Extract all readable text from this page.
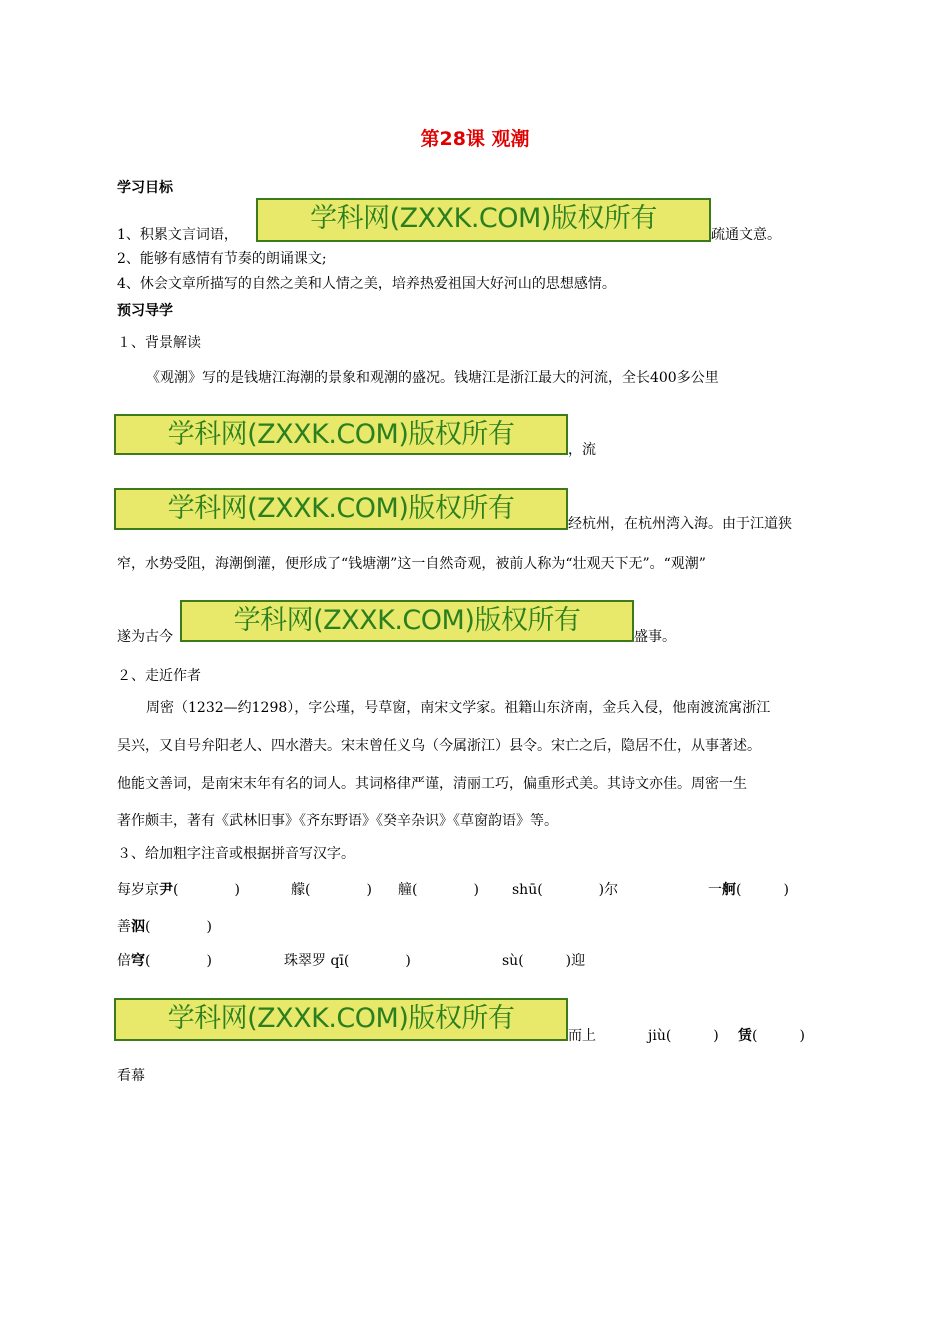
第28课 观潮
学习目标
1、积累文言词语，
学科网(ZXXK.COM)版权所有
疏通文意。
2、能够有感情有节奏的朗诵课文;
4、休会文章所描写的自然之美和人情之美，培养热爱祖国大好河山的思想感情。
预习导学
１、背景解读
《观潮》写的是钱塘江海潮的景象和观潮的盛况。钱塘江是浙江最大的河流，全长400多公里
学科网(ZXXK.COM)版权所有	，流
学科网(ZXXK.COM)版权所有	经杭州，在杭州湾入海。由于江道狭
窄，水势受阻，海潮倒灌，便形成了“钱塘潮”这一自然奇观，被前人称为“壮观天下无”。“观潮”
遂为古今
学科网(ZXXK.COM)版权所有
盛事。
２、走近作者
周密（1232—约1298），字公瑾，号草窗，南宋文学家。祖籍山东济南，金兵入侵，他南渡流寓浙江
吴兴，又自号弁阳老人、四水潜夫。宋末曾任义乌（今属浙江）县令。宋亡之后，隐居不仕，从事著述。
他能文善词，是南宋末年有名的词人。其词格律严谨，清丽工巧，偏重形式美。其诗文亦佳。周密一生
著作颇丰，著有《武林旧事》《齐东野语》《癸辛杂识》《草窗韵语》等。
３、给加粗字注音或根据拼音写汉字。
每岁京尹(　　　　)	艨(　　　　) 艟(　　　　) shū(　　　　)尔	一舸(　　　)
善泅(　　　　)
倍穹(　　　　)	珠翠罗 qī(　　　　)	sù(　　　)迎
学科网(ZXXK.COM)版权所有
而上	jiù(　　　) 赁(　　　)
看幕
